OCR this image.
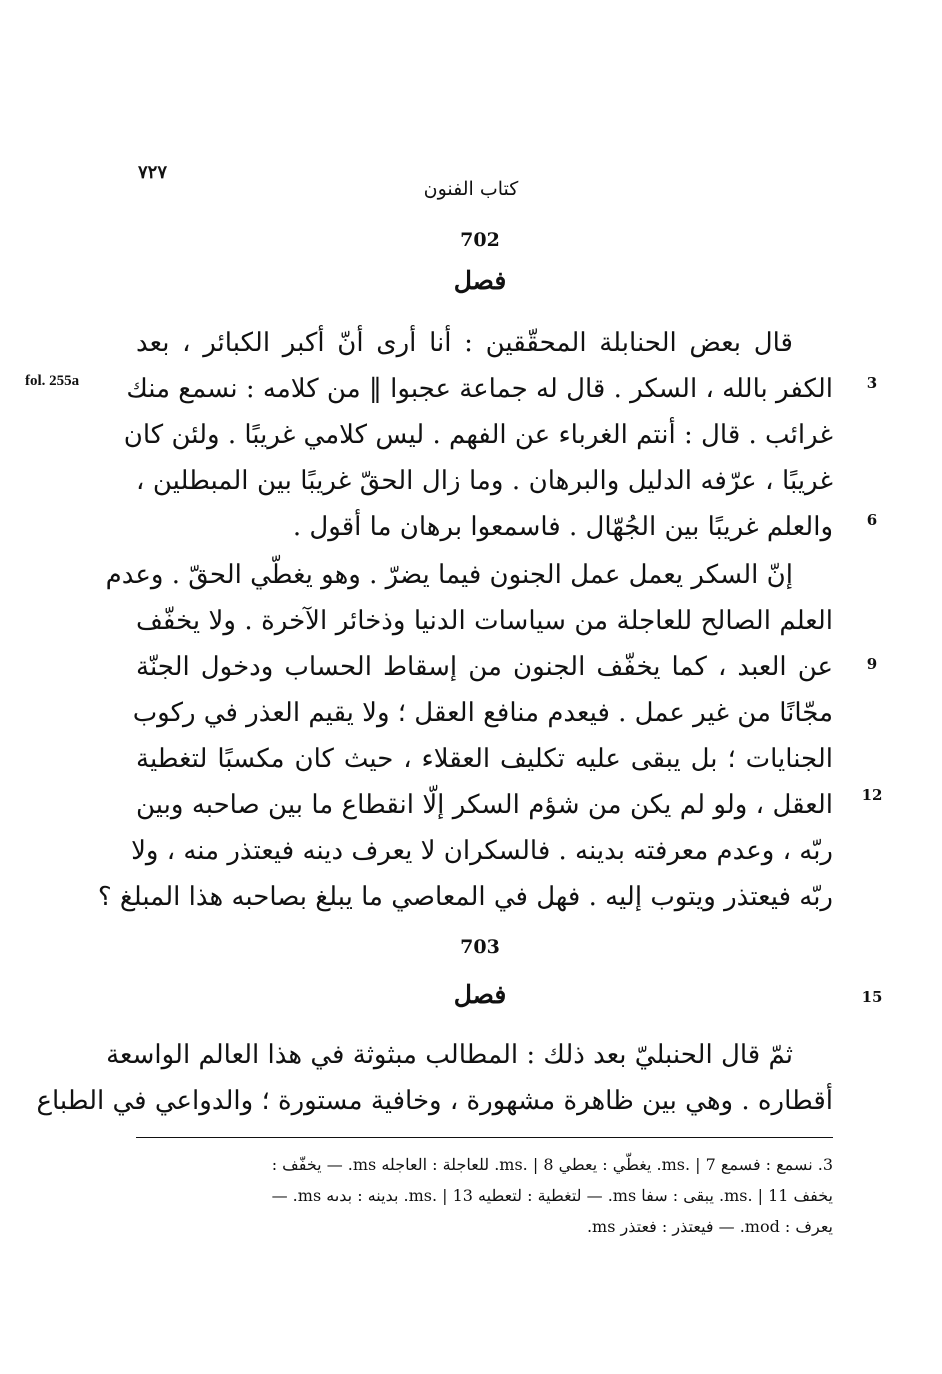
٧٢٧
كتاب الفنون
702
فصل
fol. 255a
قال بعض الحنابلة المحقّقين : أنا أرى أنّ أكبر الكبائر ، بعد
الكفر بالله ، السكر . قال له جماعة عجبوا ‖ من كلامه : نسمع منك
غرائب . قال : أنتم الغرباء عن الفهم . ليس كلامي غريبًا . ولئن كان
غريبًا ، عرّفه الدليل والبرهان . وما زال الحقّ غريبًا بين المبطلين ،
والعلم غريبًا بين الجُهّال . فاسمعوا برهان ما أقول .
إنّ السكر يعمل عمل الجنون فيما يضرّ . وهو يغطّي الحقّ . وعدم
العلم الصالح للعاجلة من سياسات الدنيا وذخائر الآخرة . ولا يخفّف
عن العبد ، كما يخفّف الجنون من إسقاط الحساب ودخول الجنّة
مجّانًا من غير عمل . فيعدم منافع العقل ؛ ولا يقيم العذر في ركوب
الجنايات ؛ بل يبقى عليه تكليف العقلاء ، حيث كان مكسبًا لتغطية
العقل ، ولو لم يكن من شؤم السكر إلّا انقطاع ما بين صاحبه وبين
ربّه ، وعدم معرفته بدينه . فالسكران لا يعرف دينه فيعتذر منه ، ولا
ربّه فيعتذر ويتوب إليه . فهل في المعاصي ما يبلغ بصاحبه هذا المبلغ ؟
703
فصل
ثمّ قال الحنبليّ بعد ذلك : المطالب مبثوثة في هذا العالم الواسعة
أقطاره . وهي بين ظاهرة مشهورة ، وخافية مستورة ؛ والدواعي في الطباع
3
6
9
12
15
3. نسمع : فسمع ms. | 7. يغطّي : يعطي ms. | 8. للعاجلة : العاجله ms. — يخفّف :
يخفف ms. | 11. يبقى : سفا ms. — لتغطية : لتعطيه ms. | 13. بدينه : بدىه ms. —
يعرف : mod. — فيعتذر : فعتذر ms.
